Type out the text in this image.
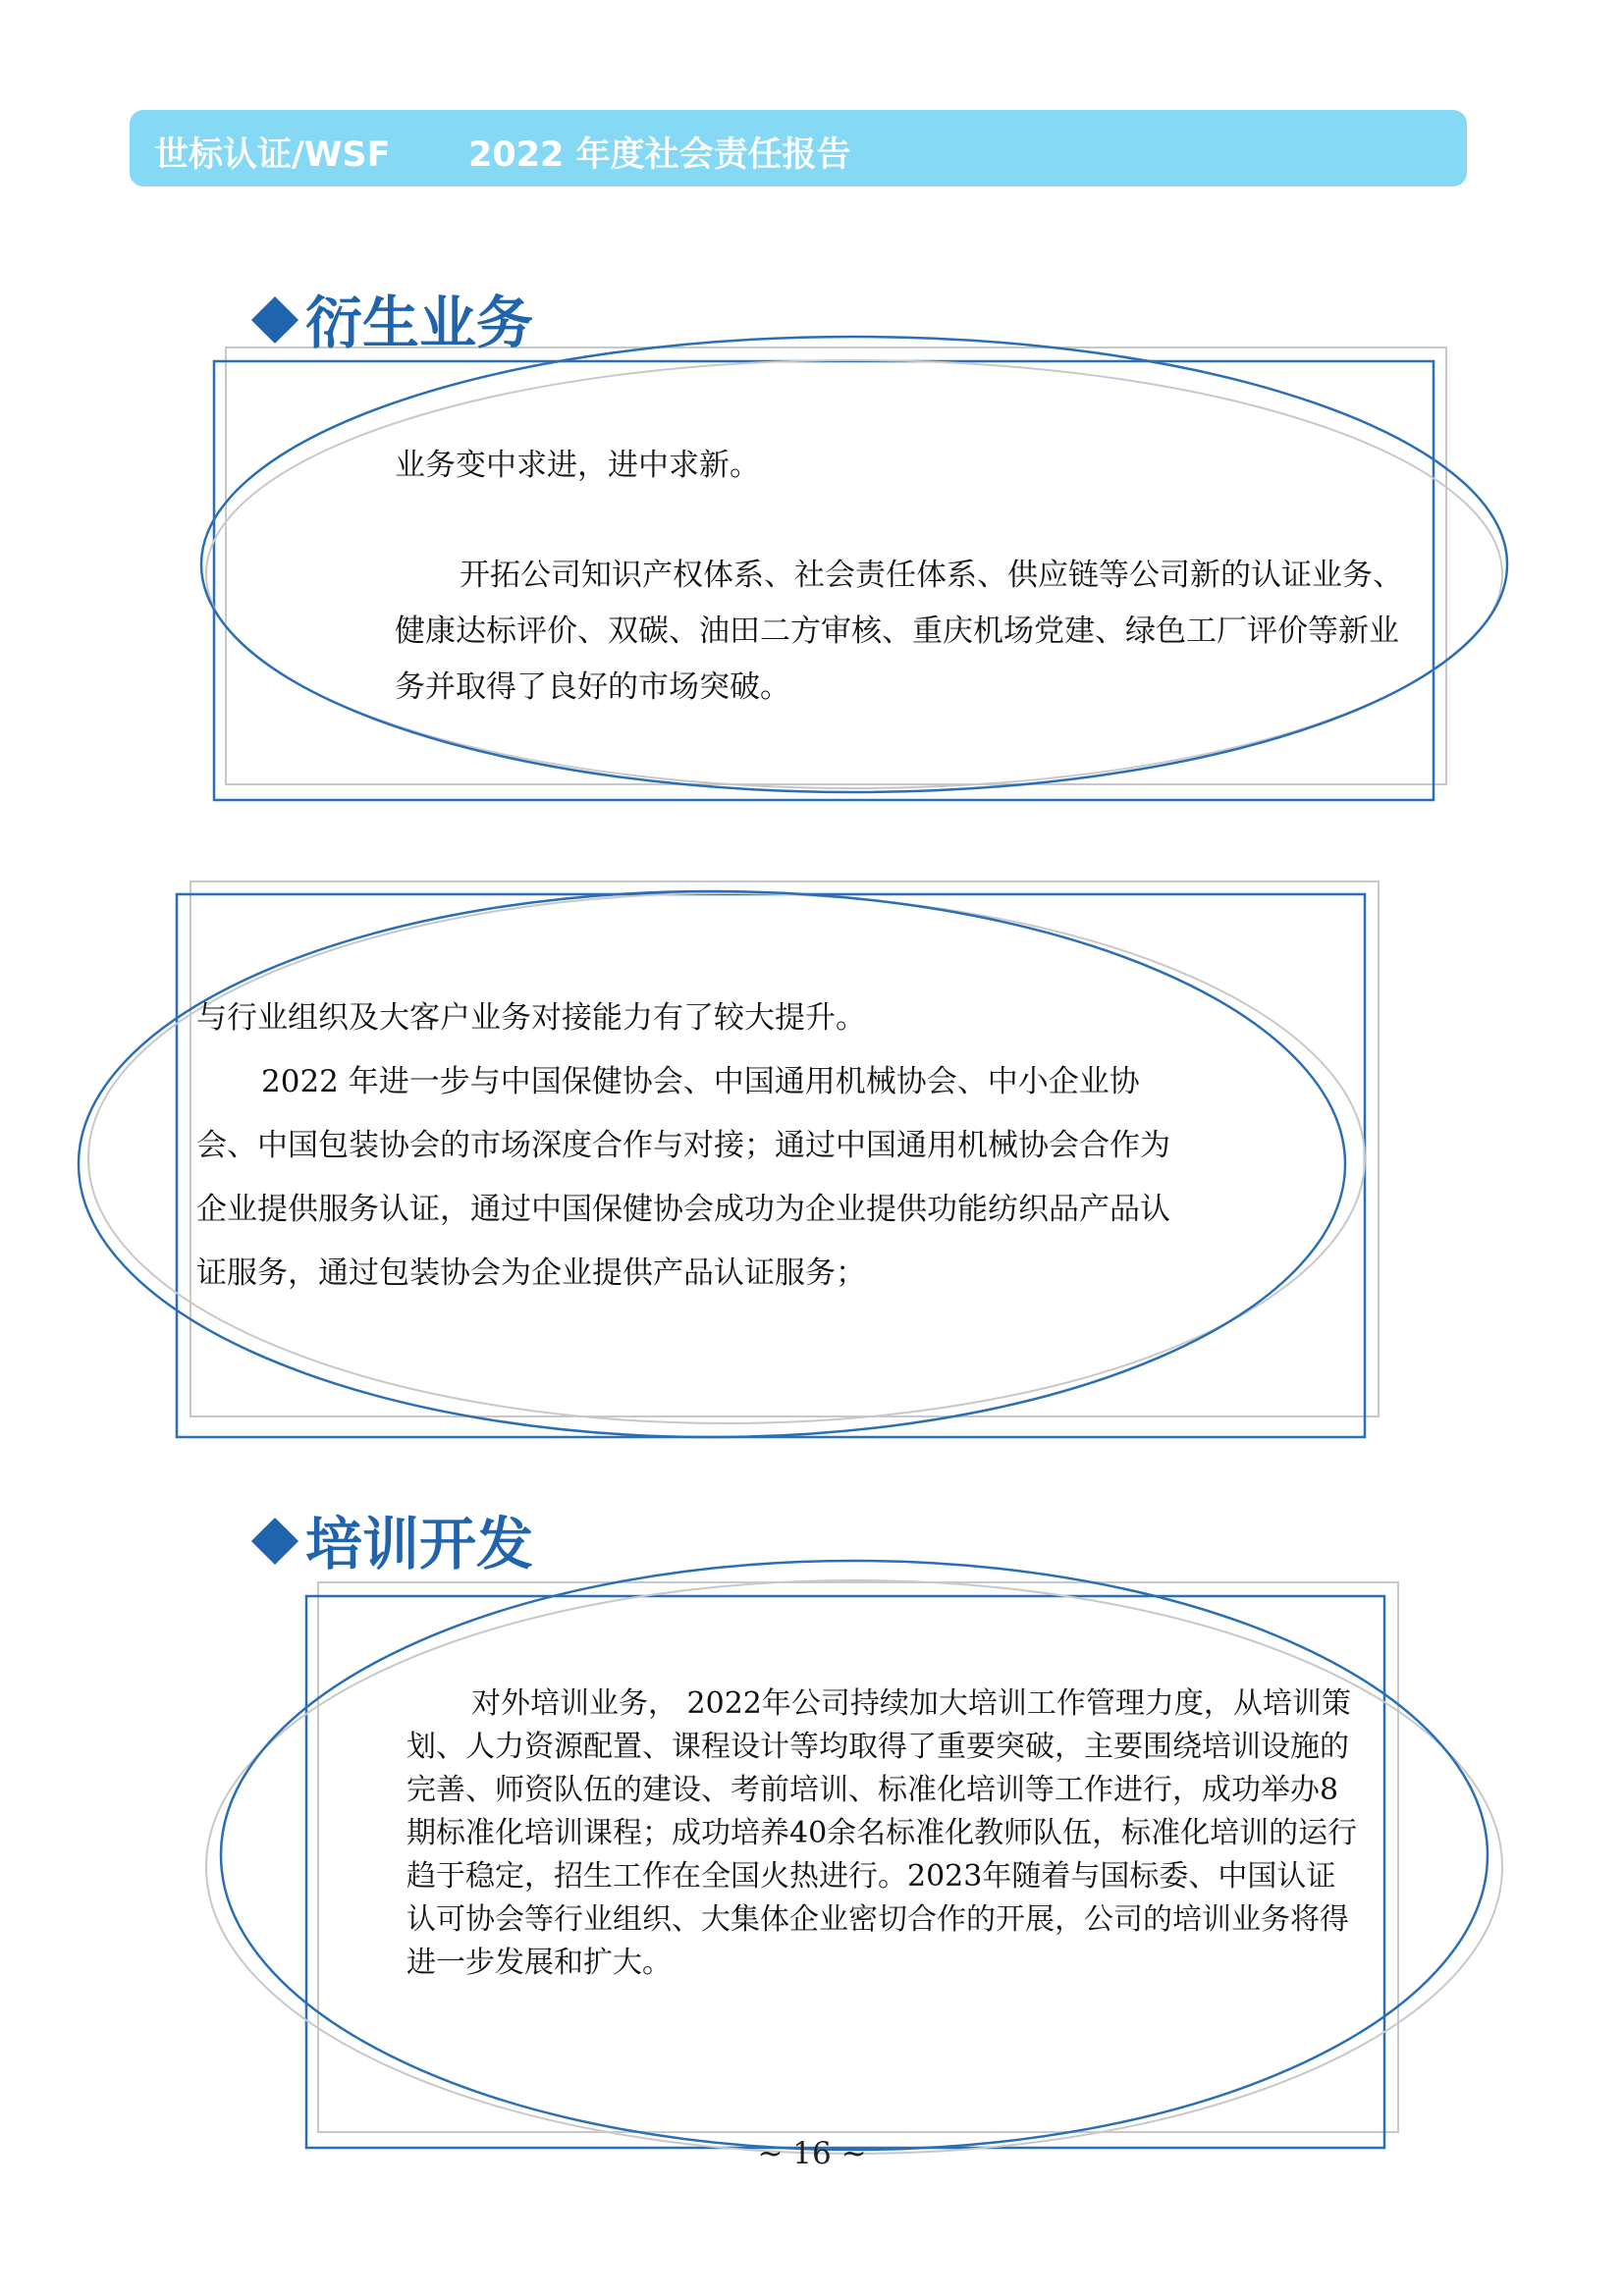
世标认证/WSF 2022 年度社会责任报告
衍生业务

业务变中求进，进中求新。

开拓公司知识产权体系、社会责任体系、供应链等公司新的认证业务、健康达标评价、双碳、油田二方审核、重庆机场党建、绿色工厂评价等新业务并取得了良好的市场突破。

与行业组织及大客户业务对接能力有了较大提升。

2022 年进一步与中国保健协会、中国通用机械协会、中小企业协会、中国包装协会的市场深度合作与对接；通过中国通用机械协会合作为企业提供服务认证，通过中国保健协会成功为企业提供功能纺织品产品认证服务，通过包装协会为企业提供产品认证服务；

培训开发

对外培训业务， 2022年公司持续加大培训工作管理力度，从培训策划、人力资源配置、课程设计等均取得了重要突破，主要围绕培训设施的完善、师资队伍的建设、考前培训、标准化培训等工作进行，成功举办8期标准化培训课程；成功培养40余名标准化教师队伍，标准化培训的运行趋于稳定，招生工作在全国火热进行。2023年随着与国标委、中国认证认可协会等行业组织、大集体企业密切合作的开展，公司的培训业务将得进一步发展和扩大。

~ 16 ~
